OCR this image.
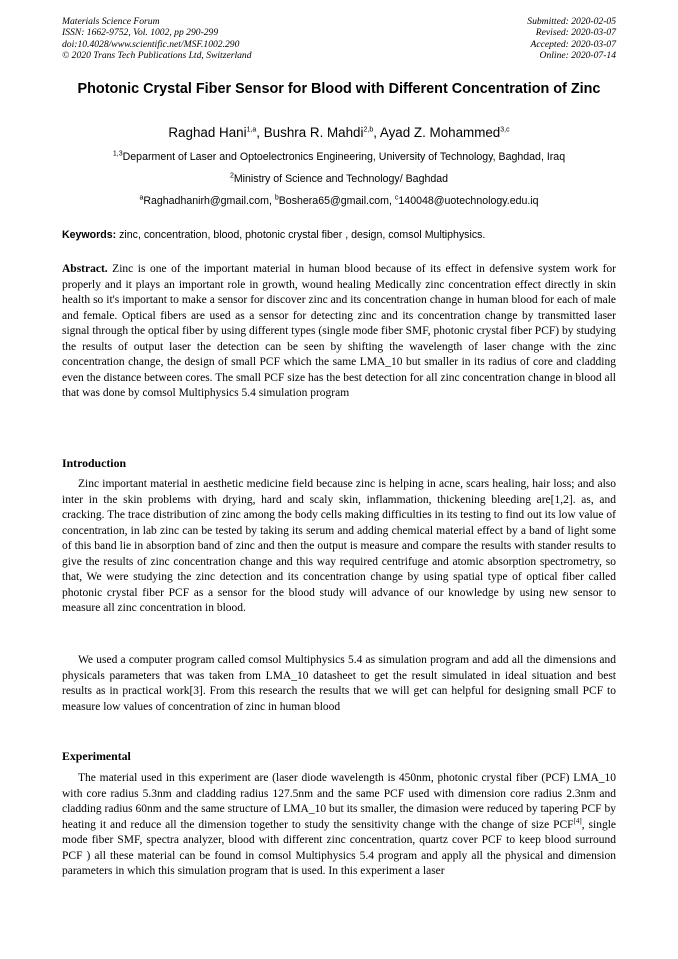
Materials Science Forum
ISSN: 1662-9752, Vol. 1002, pp 290-299
doi:10.4028/www.scientific.net/MSF.1002.290
© 2020 Trans Tech Publications Ltd, Switzerland
Submitted: 2020-02-05
Revised: 2020-03-07
Accepted: 2020-03-07
Online: 2020-07-14
Photonic Crystal Fiber Sensor for Blood with Different Concentration of Zinc
Raghad Hani$^{1,a}$, Bushra R. Mahdi$^{2,b}$, Ayad Z. Mohammed$^{3,c}$
$^{1,3}$Deparment of Laser and Optoelectronics Engineering, University of Technology, Baghdad, Iraq
$^2$Ministry of Science and Technology/ Baghdad
$^a$Raghadhanirh@gmail.com, $^b$Boshera65@gmail.com, $^c$140048@uotechnology.edu.iq
Keywords: zinc, concentration, blood, photonic crystal fiber , design, comsol Multiphysics.

Abstract. Zinc is one of the important material in human blood because of its effect in defensive system work for properly and it plays an important role in growth, wound healing Medically zinc concentration effect directly in skin health so it's important to make a sensor for discover zinc and its concentration change in human blood for each of male and female. Optical fibers are used as a sensor for detecting zinc and its concentration change by transmitted laser signal through the optical fiber by using different types (single mode fiber SMF, photonic crystal fiber PCF) by studying the results of output laser the detection can be seen by shifting the wavelength of laser change with the zinc concentration change, the design of small PCF which the same LMA_10 but smaller in its radius of core and cladding even the distance between cores. The small PCF size has the best detection for all zinc concentration change in blood all that was done by comsol Multiphysics 5.4 simulation program

Introduction

Zinc important material in aesthetic medicine field because zinc is helping in acne, scars healing, hair loss; and also inter in the skin problems with drying, hard and scaly skin, inflammation, thickening bleeding are[1,2]. as, and cracking. The trace distribution of zinc among the body cells making difficulties in its testing to find out its low value of concentration, in lab zinc can be tested by taking its serum and adding chemical material effect by a band of light some of this band lie in absorption band of zinc and then the output is measure and compare the results with stander results to give the results of zinc concentration change and this way required centrifuge and atomic absorption spectrometry, so that, We were studying the zinc detection and its concentration change by using spatial type of optical fiber called photonic crystal fiber PCF as a sensor for the blood study will advance of our knowledge by using new sensor to measure all zinc concentration in blood.

We used a computer program called comsol Multiphysics 5.4 as simulation program and add all the dimensions and physicals parameters that was taken from LMA_10 datasheet to get the result simulated in ideal situation and best results as in practical work[3]. From this research the results that we will get can helpful for designing small PCF to measure low values of concentration of zinc in human blood

Experimental

The material used in this experiment are (laser diode wavelength is 450nm, photonic crystal fiber (PCF) LMA_10 with core radius 5.3nm and cladding radius 127.5nm and the same PCF used with dimension core radius 2.3nm and cladding radius 60nm and the same structure of LMA_10 but its smaller, the dimasion were reduced by tapering PCF by heating it and reduce all the dimension together to study the sensitivity change with the change of size PCF[4], single mode fiber SMF, spectra analyzer, blood with different zinc concentration, quartz cover PCF to keep blood surround PCF ) all these material can be found in comsol Multiphysics 5.4 program and apply all the physical and dimension parameters in which this simulation program that is used. In this experiment a laser
